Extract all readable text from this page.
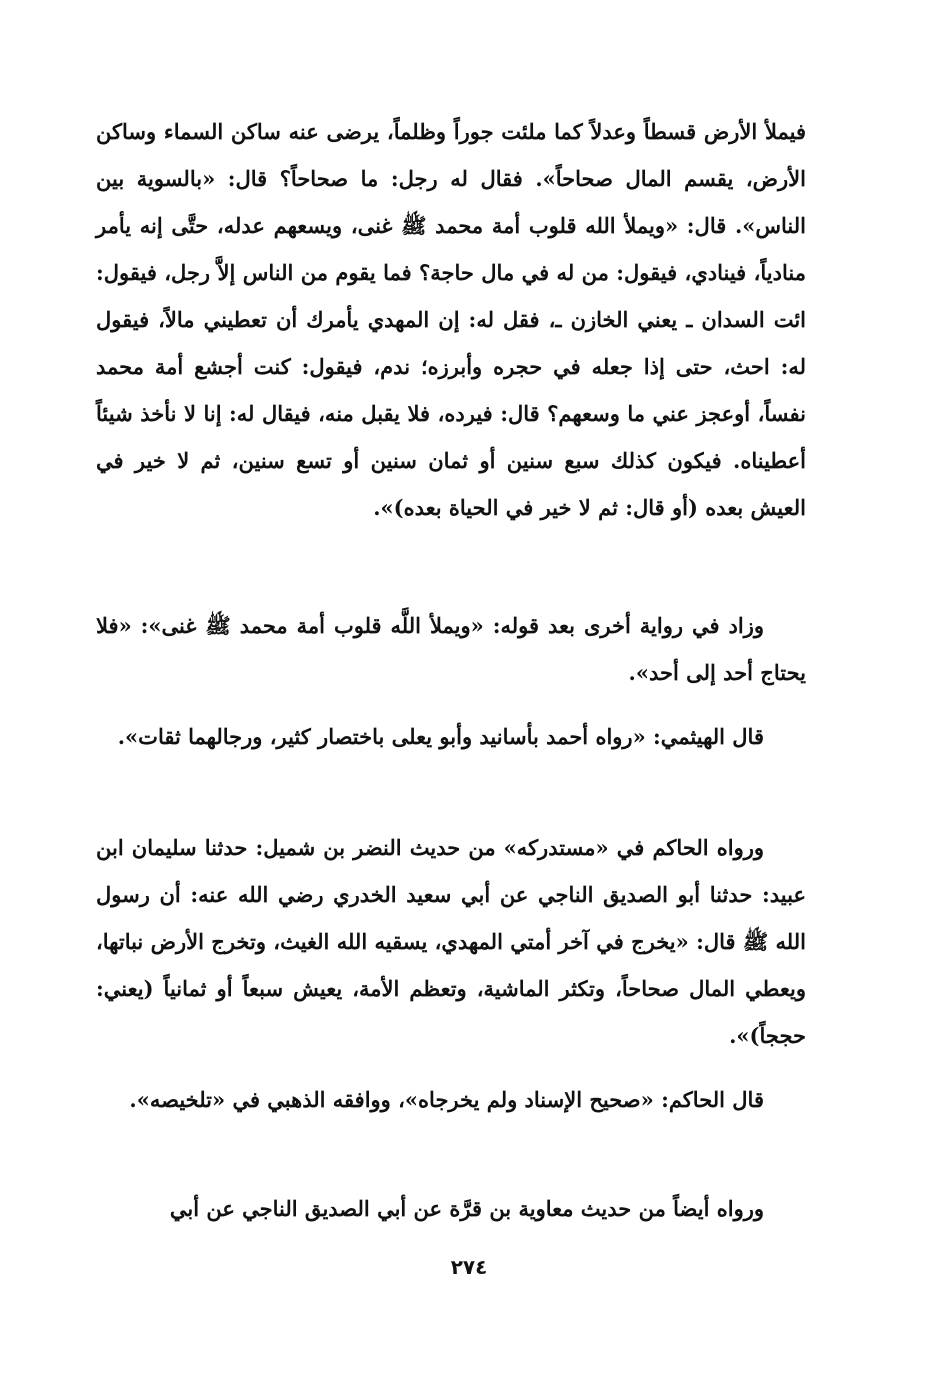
فيملأ الأرض قسطاً وعدلاً كما ملئت جوراً وظلماً، يرضى عنه ساكن السماء وساكن الأرض، يقسم المال صحاحاً». فقال له رجل: ما صحاحاً؟ قال: «بالسوية بين الناس». قال: «ويملأ الله قلوب أمة محمد ﷺ غنى، ويسعهم عدله، حتَّى إنه يأمر منادياً، فينادي، فيقول: من له في مال حاجة؟ فما يقوم من الناس إلاَّ رجل، فيقول: ائت السدان ـ يعني الخازن ـ، فقل له: إن المهدي يأمرك أن تعطيني مالاً، فيقول له: احث، حتى إذا جعله في حجره وأبرزه؛ ندم، فيقول: كنت أجشع أمة محمد نفساً، أوعجز عني ما وسعهم؟ قال: فيرده، فلا يقبل منه، فيقال له: إنا لا نأخذ شيئاً أعطيناه. فيكون كذلك سبع سنين أو ثمان سنين أو تسع سنين، ثم لا خير في العيش بعده (أو قال: ثم لا خير في الحياة بعده)».

وزاد في رواية أخرى بعد قوله: «ويملأ اللَّه قلوب أمة محمد ﷺ غنى»: «فلا يحتاج أحد إلى أحد».

قال الهيثمي: «رواه أحمد بأسانيد وأبو يعلى باختصار كثير، ورجالهما ثقات».

ورواه الحاكم في «مستدركه» من حديث النضر بن شميل: حدثنا سليمان ابن عبيد: حدثنا أبو الصديق الناجي عن أبي سعيد الخدري رضي الله عنه: أن رسول الله ﷺ قال: «يخرج في آخر أمتي المهدي، يسقيه الله الغيث، وتخرج الأرض نباتها، ويعطي المال صحاحاً، وتكثر الماشية، وتعظم الأمة، يعيش سبعاً أو ثمانياً (يعني: حججاً)».

قال الحاكم: «صحيح الإسناد ولم يخرجاه»، ووافقه الذهبي في «تلخيصه».

ورواه أيضاً من حديث معاوية بن قرَّة عن أبي الصديق الناجي عن أبي

٢٧٤
